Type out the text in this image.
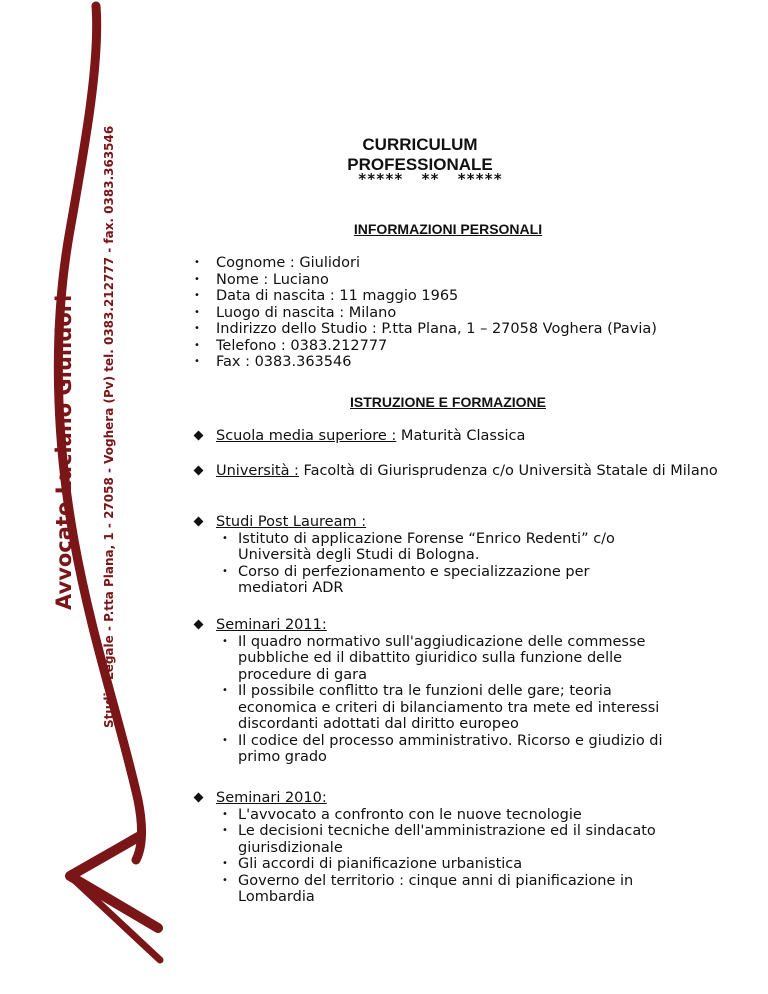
Avvocato Luciano Giulidori Studio Legale - P.tta Plana, 1 - 27058 - Voghera (Pv) tel. 0383.212777 - fax. 0383.363546	CURRICULUM PROFESSIONALE
*****  **  *****
INFORMAZIONI PERSONALI
• Cognome : Giulidori
• Nome : Luciano
• Data di nascita : 11 maggio 1965
• Luogo di nascita : Milano
• Indirizzo dello Studio : P.tta Plana, 1 – 27058 Voghera (Pavia)
• Telefono : 0383.212777
• Fax : 0383.363546
ISTRUZIONE E FORMAZIONE
Scuola media superiore : Maturità Classica
Università : Facoltà di Giurisprudenza c/o Università Statale di Milano
Studi Post Lauream :
• Istituto di applicazione Forense “Enrico Redenti” c/o Università degli Studi di Bologna.
• Corso di perfezionamento e specializzazione per mediatori ADR
Seminari 2011:
• Il quadro normativo sull'aggiudicazione delle commesse pubbliche ed il dibattito giuridico sulla funzione delle procedure di gara
• Il possibile conflitto tra le funzioni delle gare; teoria economica e criteri di bilanciamento tra mete ed interessi discordanti adottati dal diritto europeo
• Il codice del processo amministrativo. Ricorso e giudizio di primo grado
Seminari 2010:
• L'avvocato a confronto con le nuove tecnologie
• Le decisioni tecniche dell'amministrazione ed il sindacato giurisdizionale
• Gli accordi di pianificazione urbanistica
• Governo del territorio : cinque anni di pianificazione in Lombardia
